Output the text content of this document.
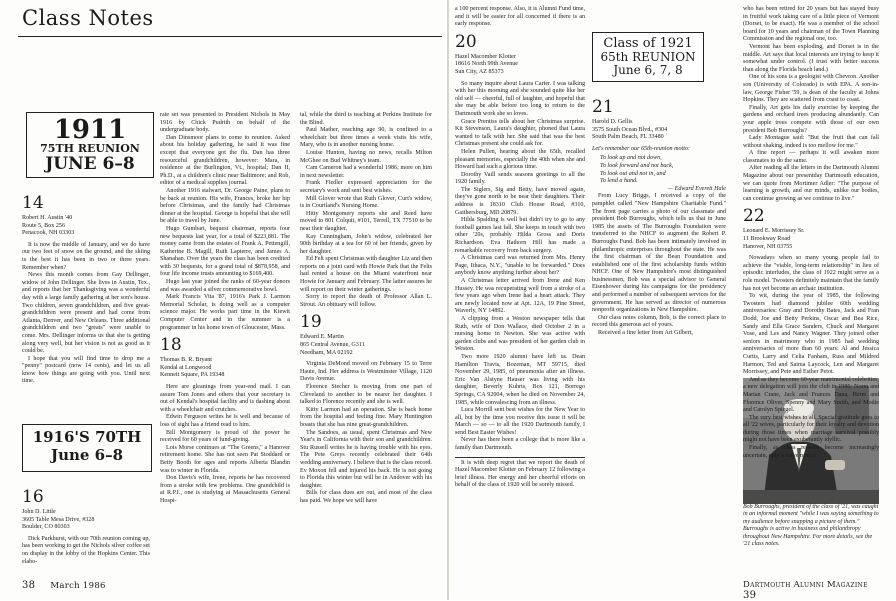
Class Notes
14
Robert H. Austin '40
Route 5, Box 256
Penacook, NH 03303

It is now the middle of January, and we do have our two feet of snow on the ground, and the skiing is the best it has been in two or three years. Remember when?

News this month comes from Gay Dellinger, widow of John Dellinger. She lives in Austin, Tex., and reports that her Thanksgiving was a wonderful day with a large family gathering at her son's house. Two children, seven grandchildren, and five great-grandchildren were present and had come from Atlanta, Denver, and New Orleans. Three additional grandchildren and two "greats" were unable to come. Mrs. Dellinger informs us that she is getting along very well, but her vision is not as good as it could be.

I hope that you will find time to drop me a "penny" postcard (now 14 cents), and let us all know how things are going with you. Until next time.

1911
75TH REUNION
JUNE 6–8
1916'S 70TH
June 6–8
16
John D. Little
3605 Table Mesa Drive, #328
Boulder, CO 80303

Dick Parkhurst, with our 70th reunion coming up, has been working to get the Nichols silver coffee set on display in the lobby of the Hopkins Center. This elabo-

rate set was presented to President Nichols in May 1916 by Chick Pudrith on behalf of the undergraduate body.

Dan Dinsmoor plans to come to reunion. Asked about his holiday gathering, he said it was fine except that everyone got the flu. Dan has three resourceful grandchildren, however: Mara, in residence at the Burlington, Vt., hospital; Dan II, Ph.D., at a children's clinic near Baltimore; and Rob, editor of a medical supplies journal.

Another 1916 stalwart, Dr. George Paine, plans to be back at reunion. His wife, Frances, broke her hip before Christmas, and the family had Christmas dinner at the hospital. George is hopeful that she will be able to travel by June.

Hugo Gumbart, bequest chairman, reports four new bequests last year, for a total of $223,881. The money came from the estates of Frank A. Pettengill, Katherine B. Magill, Ruth Lapierre, and James A. Shanahan. Over the years the class has been credited with 30 bequests, for a grand total of $878,958, and four life income trusts amounting to $169,400.

Hugo last year joined the ranks of 60-year donors and was awarded a silver commemorative bowl.

Mark Francis Vita '87, 1916's Park J. Larmon Memorial Scholar, is doing well as a computer science major. He works part time in the Kiewit Computer Center and in the summer is a programmer in his home town of Gloucester, Mass.

18
Thomas B. R. Bryant
Kendal at Longwood
Kennett Square, PA 19348

Here are gleanings from year-end mail. I can assure Tom Jones and others that your secretary is out of Kendal's hospital facility and is dashing about with a wheelchair and crutches.

Edwin Ferguson writes he is well and because of loss of sight has a friend read to him.

Bill Montgomery is proud of the power he received for 60 years of fund-giving.

Lois Morse continues at "The Greens," a Hanover retirement home. She has not seen Pat Stoddard or Betty Booth for ages and reports Alberta Blandin was to winter in Florida.

Don Davis's wife, Irene, reports he has recovered from a stroke with few problems. One grandchild is at R.P.I., one is studying at Massachusetts General Hospi-

tal, while the third is teaching at Perkins Institute for the Blind.

Paul Mather, reaching age 90, is confined to a wheelchair but three times a week visits his wife, Mary, who is in another nursing home.

Louise Hunton, having no news, recalls Milton McGhee on Bud Whitney's team.

Cam Cameron had a wonderful 1986; more on him in next newsletter.

Frank Fiedler expressed appreciation for the secretary's work and sent best wishes.

Mill Glover wrote that Ruth Glover, Curt's widow, is in Courtland's Nursing Home.

Hitty Montgomery reports she and Reed have moved to 801 Colquit, #101, Terrell, TX 77510 to be near their daughter.

Kay Cunningham, John's widow, celebrated her 90th birthday at a tea for 60 of her friends, given by her daughter.

Ed Felt spent Christmas with daughter Liz and then reports on a joint card with Howie Park that the Felts had rented a house on the Miami waterfront near Howie for January and February. The latter assures he will report on their winter gatherings.

Sorry to report the death of Professor Allan L. Strout. An obituary will follow.

19
Edward E. Martin
865 Central Avenue, G311
Needham, MA 02192

Virginia DeMond moved on February 15 to Terre Haute, Ind. Her address is Westminster Village, 1120 Davis Avenue.

Florence Stecher is moving from one part of Cleveland to another to be nearer her daughter. I talked to Florence recently and she is well.

Kitty Larmon had an operation. She is back home from the hospital and feeling fine. Mary Huntington boasts that she has nine great-grandchildren.

The Sandoes, as usual, spent Christmas and New Year's in California with their son and grandchildren. Stu Russell writes he is having trouble with his eyes. The Pete Greys recently celebrated their 64th wedding anniversary. I believe that is the class record. Ev Moxon fell and injured his back. He is not going to Florida this winter but will be in Andover with his daughter.

Bills for class dues are out, and most of the class has paid. We hope we will have

38 March 1986

a 100 percent response. Also, it is Alumni Fund time, and it will be easier for all concerned if there is an early response.

20
Hazel Macomber Klotter
18616 North 99th Avenue
Sun City, AZ 85373

So many inquire about Laura Carter. I was talking with her this morning and she sounded quite like her old self — cheerful, full of laughter, and hopeful that she may be able before too long to return to the Dartmouth work she so loves.

Grace Prentiss tells about her Christmas surprise. Kit Stevenson, Laura's daughter, phoned that Laura wanted to talk with her. She said that was the best Christmas present she could ask for.

Helen Pullen, hearing about the 65th, recalled pleasant memories, especially the 40th when she and Howard had such a glorious time.

Dorothy Vaill sends seasons greetings to all the 1920 family.

The Siglers, Sig and Betty, have moved again, they've gone north to be near their daughters. Their address is 18310 Club House Road, #310, Gaithersburg, MD 20879.

Hilda Spalding is well but didn't try to go to any football games last fall. She keeps in touch with two other '20s, probably Hilda Gross and Doris Richardson. Eva Hathorn Hill has made a remarkable recovery from back surgery.

A Christmas card was returned from Mrs. Henry Page, Ithaca, N.Y., "unable to be forwarded." Does anybody know anything further about her?

A Christmas letter arrived from Irene and Ken Hussey. He was recuperating well from a stroke of a few years ago when Irene had a heart attack. They are newly located now at Apt. 12A, 19 Pine Street, Waverly, NY 14892.

A clipping from a Weston newspaper tells that Ruth, wife of Don Wallace, died October 2 in a nursing home in Newton. She was active with garden clubs and was president of her garden club in Weston.

Two more 1920 alumni have left us. Dean Hamilton Travis, Bozeman, MT 59715, died November 29, 1985, of pneumonia after an illness. Eric Van Alstyne Hauser was living with his daughter, Beverly Kuhrts, Box 121, Borrego Springs, CA 92004, when he died on November 24, 1985, while convalescing from an illness.

Luca Morrill sent best wishes for the New Year to all, but by the time you receive this issue it will be March — so — to all the 1920 Dartmouth family, I send Best Easter Wishes!

Never has there been a college that is more like a family than Dartmouth.

It is with deep regret that we report the death of Hazel Macomber Klotter on February 12 following a brief illness. Her energy and her cheerful efforts on behalf of the class of 1920 will be sorely missed.

Class of 1921
65th REUNION
June 6, 7, 8
21
Harold D. Gellis
3575 South Ocean Blvd., #304
South Palm Beach, FL 33480

Let's remember our 65th-reunion motto:

To look up and not down,
To look forward and not back,
To look out and not in, and
To lend a hand.

— Edward Everett Hale

From Lucy Briggs, I received a copy of the pamphlet called "New Hampshire Charitable Fund." The front page carries a photo of our classmate and president Bob Burroughs, which tells us that in June 1985 the assets of The Burroughs Foundation were transferred to the NHCF to augment the Robert P. Burroughs Fund. Bob has been intimately involved in philanthropic enterprises throughout the state. He was the first chairman of the Bean Foundation and established one of the first scholarship funds within NHCF. One of New Hampshire's most distinguished businessmen, Bob was a special advisor to General Eisenhower during his campaigns for the presidency and performed a number of subsequent services for the government. He has served as director of numerous nonprofit organizations in New Hampshire.

Our class notes column, Bob, is the correct place to record this generous act of yours.

Received a fine letter from Art Gilbert,

Bob Burroughs, president of the class of '21, was caught in an informal moment "while I was saying something to my audience before snapping a picture of them." Burroughs is active in business and philanthropy throughout New Hampshire. For more details, see the '21 class notes.

who has been retired for 20 years but has stayed busy in fruitful work taking care of a little piece of Vermont (Dorset, to be exact). He was a member of the school board for 10 years and chairman of the Town Planning Commission and the regional one, too.

Vermont has been exploding, and Dorset is in the middle. Art says that local interests are trying to keep it somewhat under control. (I trust with better success than along the Florida beach land.)

One of his sons is a geologist with Chevron. Another son (University of Colorado) is with EPA. A son-in-law, George Fisher '59, is dean of the faculty at Johns Hopkins. They are scattered from coast to coast.

Finally, Art gets his daily exercise by keeping the gardens and orchard trees producing abundantly. Can your apple trees compete with those of our own president Bob Burroughs?

Lady Montague said: "But the fruit that can fall without shaking, indeed is too mellow for me."

A fine report — perhaps it will awaken more classmates to do the same.

After reading all the letters in the Dartmouth Alumni Magazine about our presentday Dartmouth education, we can quote from Mortimer Adler: "The purpose of learning is growth, and our minds, unlike our bodies, can continue growing as we continue to live."

22
Leonard E. Morrissey Sr.
11 Brookway Road
Hanover, NH 03755

Nowadays when so many young people fail to achieve the "viable, long-term relationship" in lieu of episodic interludes, the class of 1922 might serve as a role model. Twosters definitely maintain that the family has not yet become an archaic institution.

To wit, during the year of 1985, the following Twosters had diamond jubilee 60th wedding anniversaries: Gray and Dorothy Bates, Jack and Fran Dodd, Joe and Betty Perkins, Oscar and Bea Rice, Sandy and Ella Grace Sanders, Chuck and Margaret Vose, and Les and Nancy Wagner. They joined other seniors in matrimony who in 1985 had wedding anniversaries of more than 60 years: Al and Jessica Curtis, Larry and Celia Fanham, Russ and Mildred Harmon, Ted and Saima Laycock, Len and Margaret Morrissey, and Pete and Esther Petot.

And as they become 60-year matrimonial celebrities, a new delegation will join the club in 1986: Norm and Marian Crane, Jack and Frances Dana, Herm and Florence Oliver, Spenny and Mary Smith, and Modie and Carolyn Spiegel.

The very best wishes to all. Special gratitude goes to all '22 wives, particularly for their loyalty and devotion during those times when marriage survival possibly might not have been exuberantly idyllic.

Finally, as class records become increasingly uncertain, only a naive novice

Dartmouth Alumni Magazine 39
